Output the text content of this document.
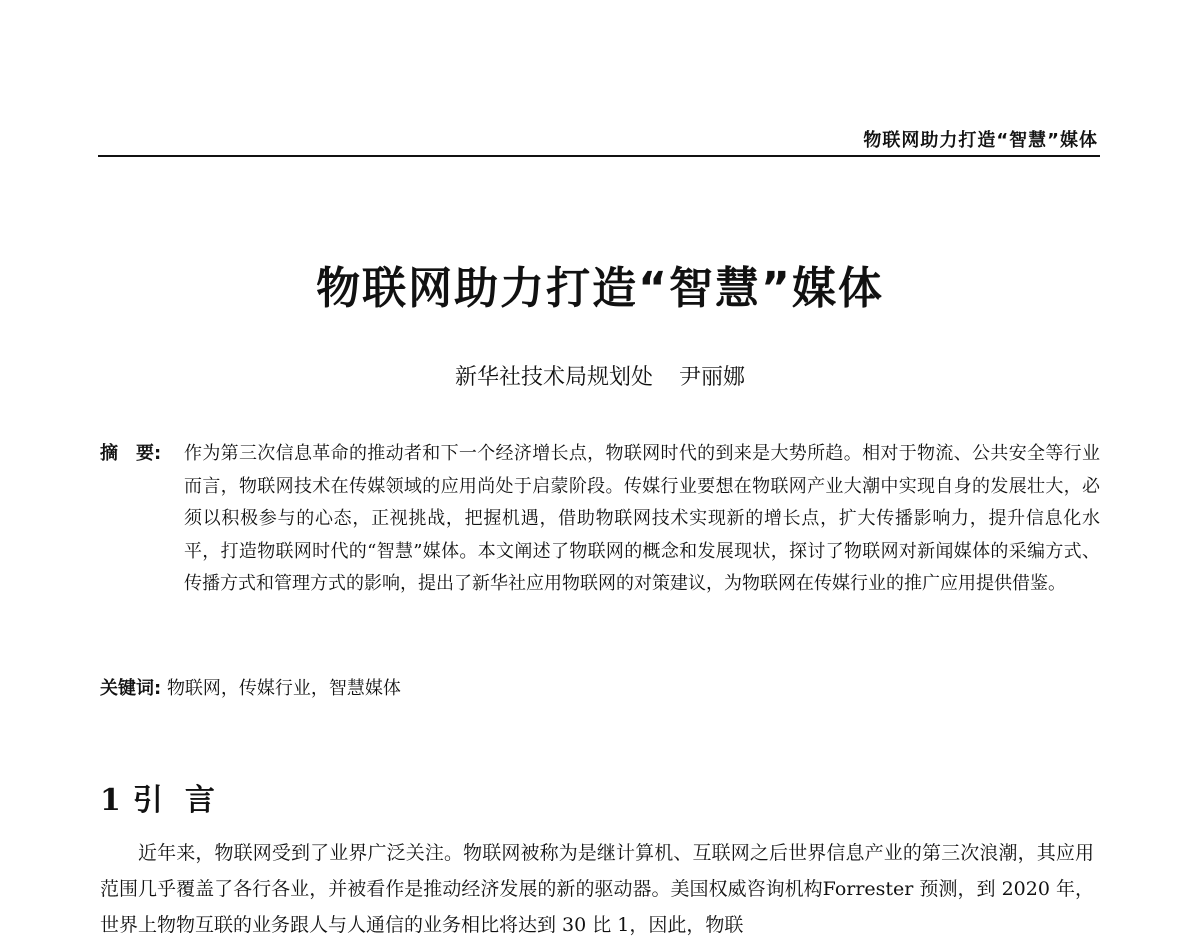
物联网助力打造“智慧”媒体
物联网助力打造“智慧”媒体
新华社技术局规划处 尹丽娜
摘 要: 作为第三次信息革命的推动者和下一个经济增长点，物联网时代的到来是大势所趋。相对于物流、公共安全等行业而言，物联网技术在传媒领域的应用尚处于启蒙阶段。传媒行业要想在物联网产业大潮中实现自身的发展壮大，必须以积极参与的心态，正视挑战，把握机遇，借助物联网技术实现新的增长点，扩大传播影响力，提升信息化水平，打造物联网时代的“智慧”媒体。本文阐述了物联网的概念和发展现状，探讨了物联网对新闻媒体的采编方式、传播方式和管理方式的影响，提出了新华社应用物联网的对策建议，为物联网在传媒行业的推广应用提供借鉴。
关键词: 物联网，传媒行业，智慧媒体
1 引言

近年来，物联网受到了业界广泛关注。物联网被称为是继计算机、互联网之后世界信息产业的第三次浪潮，其应用范围几乎覆盖了各行各业，并被看作是推动经济发展的新的驱动器。美国权威咨询机构Forrester 预测，到 2020 年，世界上物物互联的业务跟人与人通信的业务相比将达到 30 比 1，因此，物联
